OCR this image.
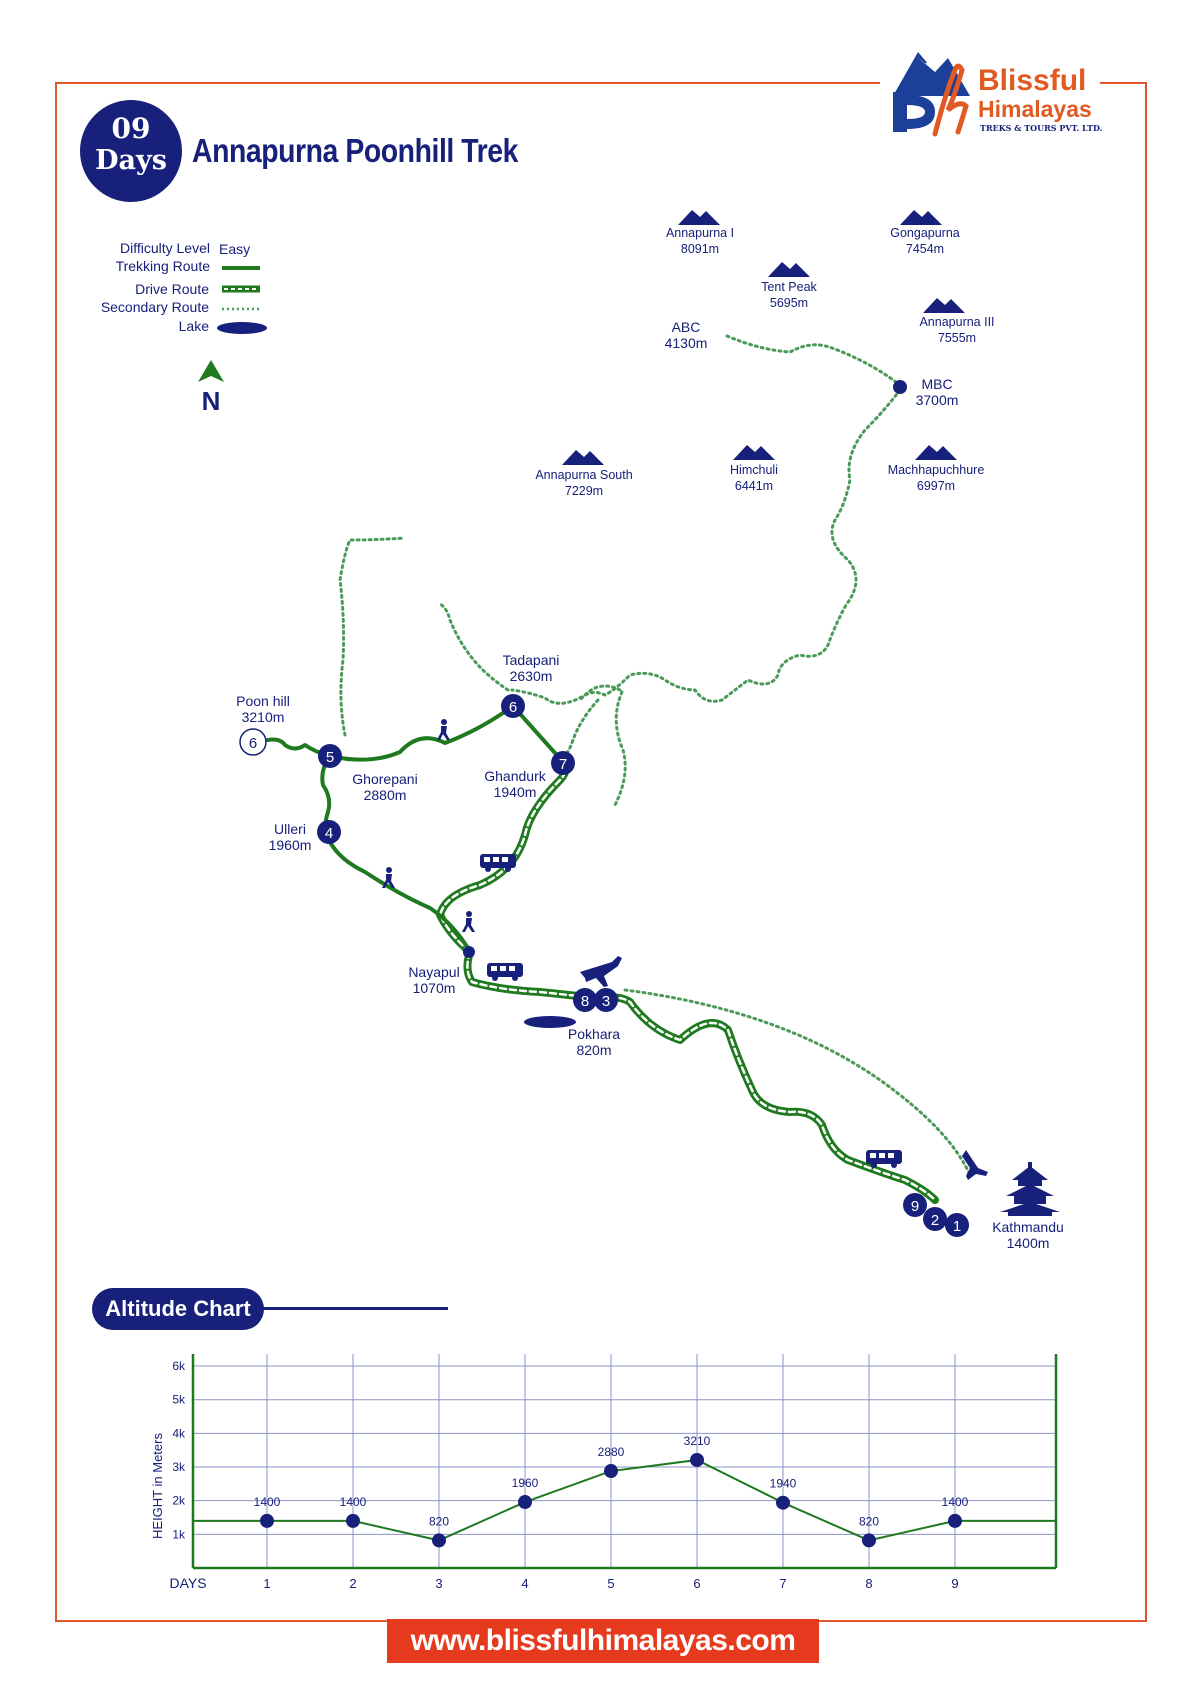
Annapurna I
8091m
Gongapurna
7454m
Tent Peak
5695m
Annapurna III
7555m
Annapurna South
7229m
Himchuli
6441m
Machhapuchhure
6997m
ABC
4130m
MBC
3700m
Poon hill
3210m
Tadapani
2630m
Ghorepani
2880m
Ghandurk
1940m
Ulleri
1960m
Nayapul
1070m
Pokhara
820m
Kathmandu
1400m
6
5
6
7
4
8 3
9
2 1
N
1k
2k
3k
4k
5k
6k
1	2	3	4	5	6	7	8	9
DAYS
HEIGHT in Meters	1400	1400
820
1960
2880
3210
1940
820
1400
09
Days Annapurna Poonhill Trek
Blissful
Himalayas
TREKS & TOURS PVT. LTD.
Difficulty Level Easy
Trekking Route
Drive Route
Secondary Route
Lake
Altitude Chart
www.blissfulhimalayas.com
